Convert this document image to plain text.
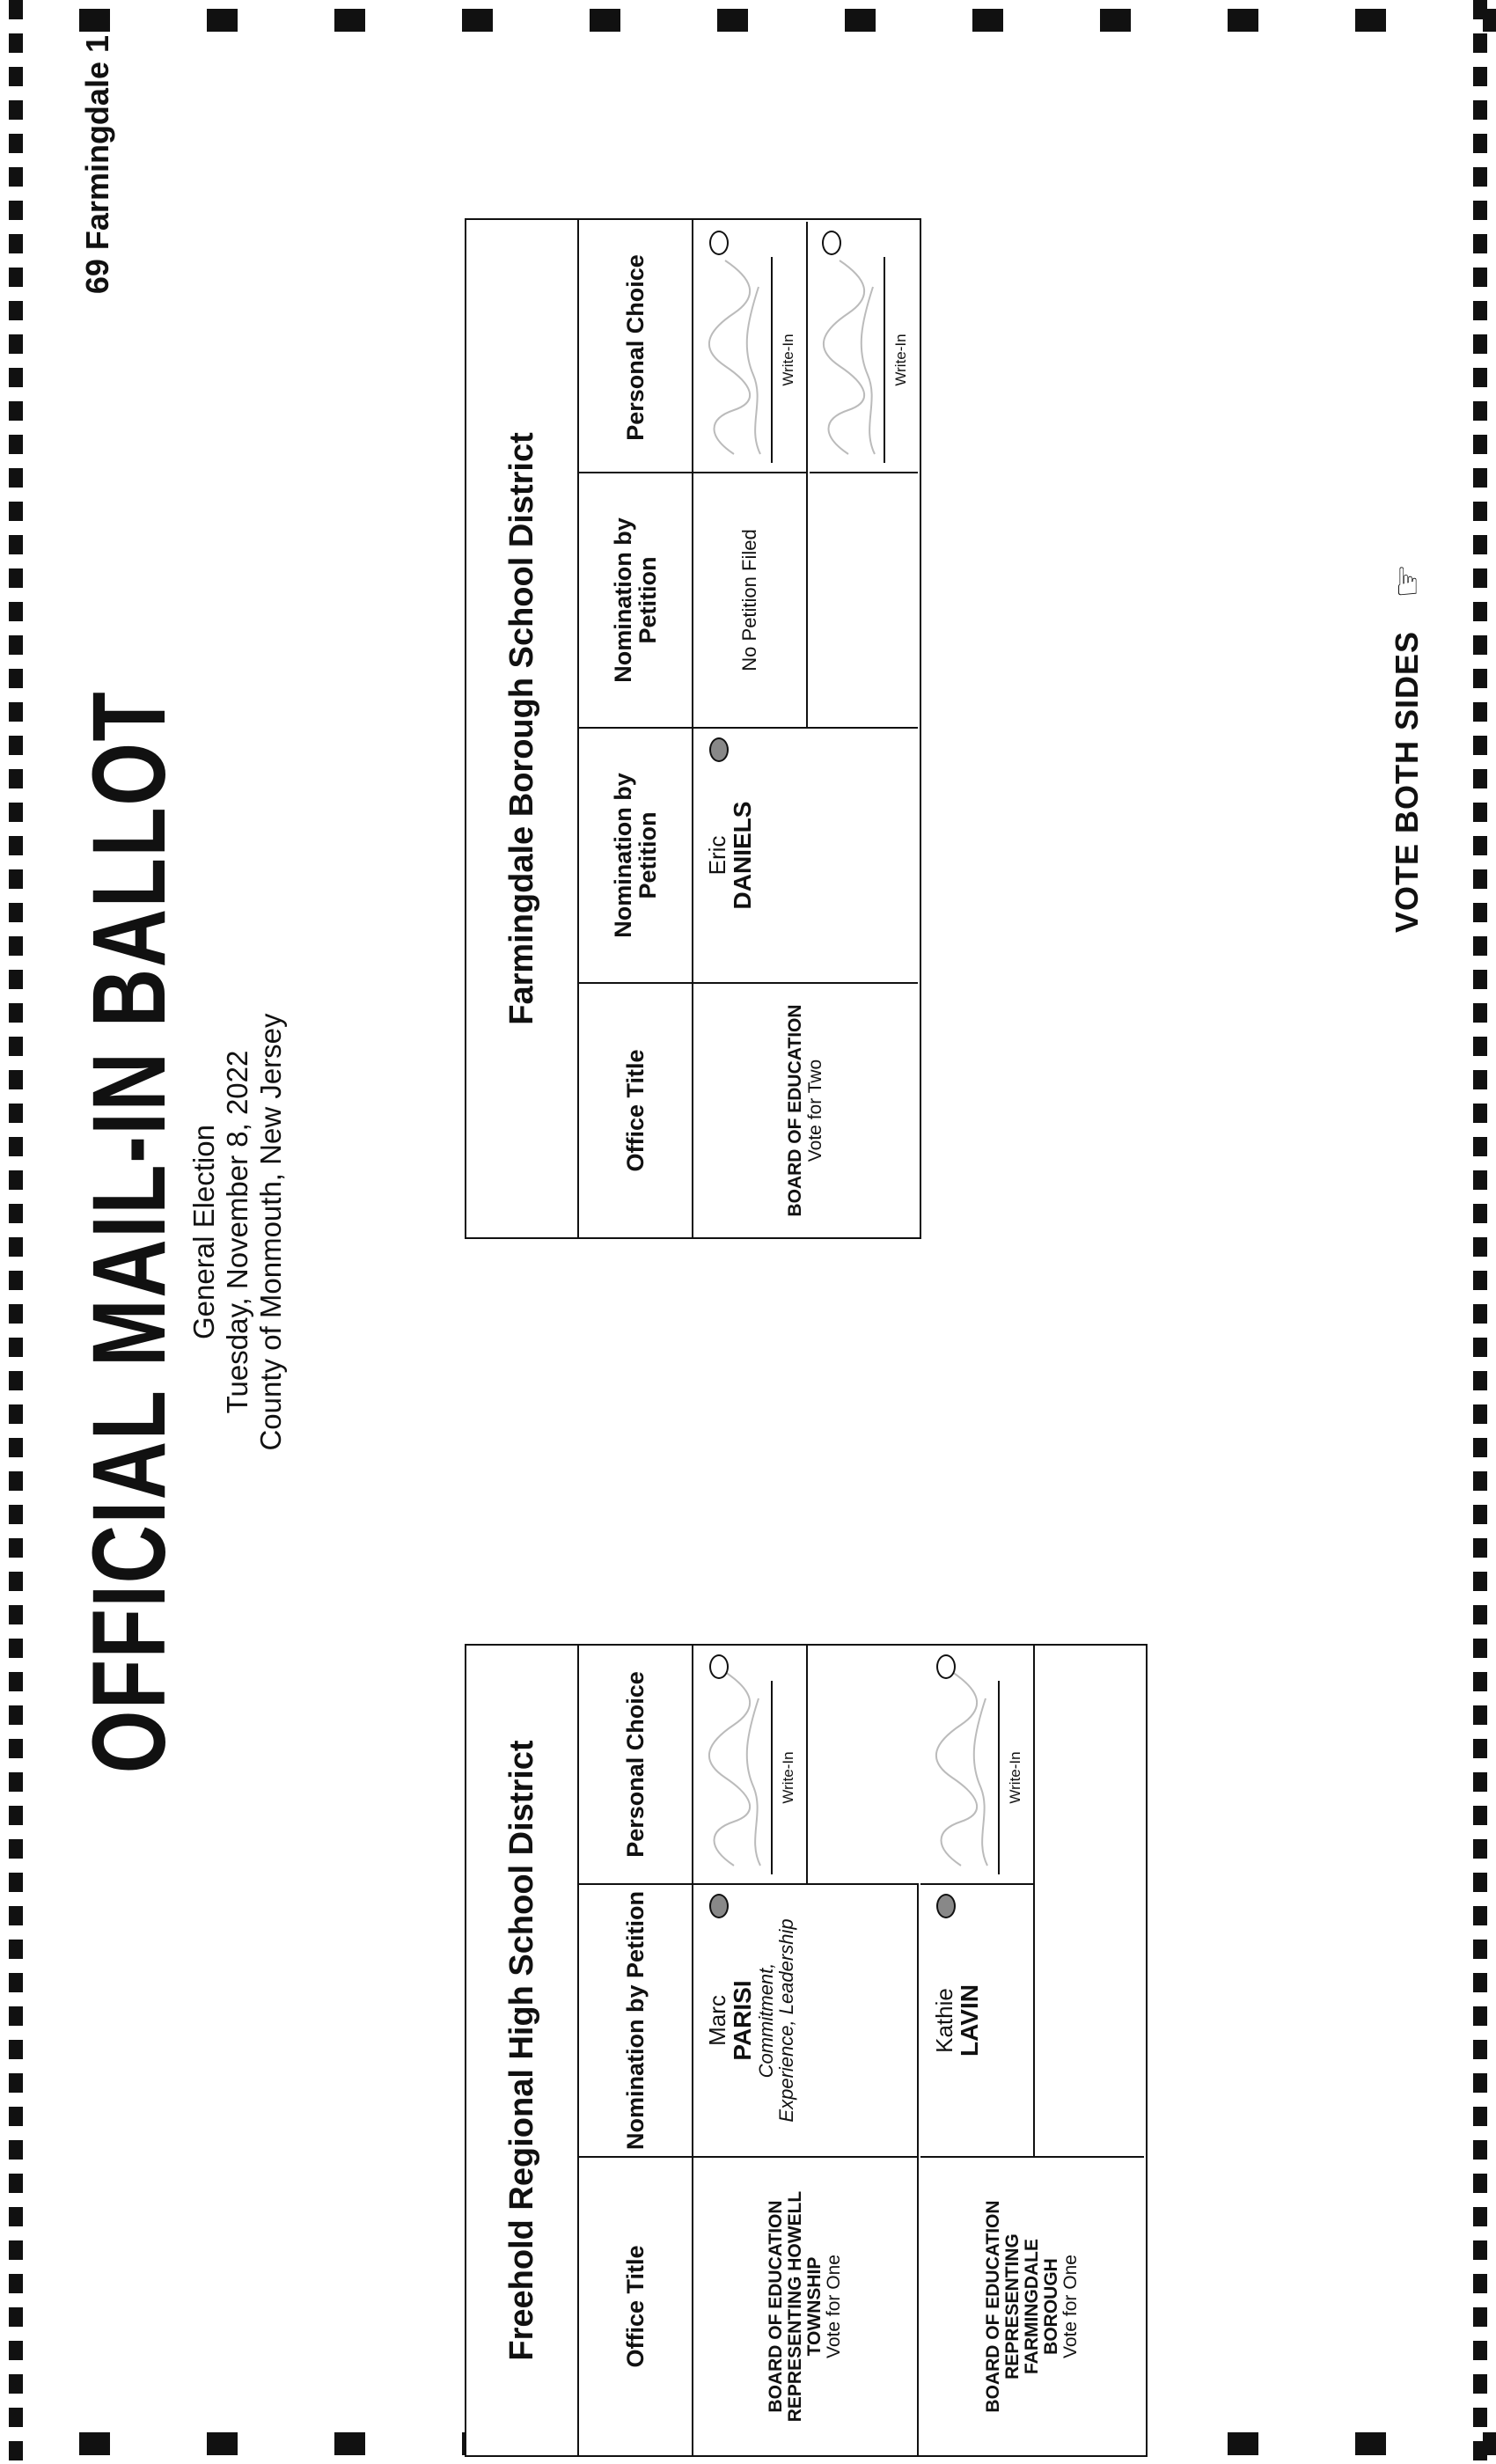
OFFICIAL MAIL-IN BALLOT General Election Tuesday, November 8, 2022 County of Monmouth, New Jersey
69 Farmingdale 1
VOTE BOTH SIDES
☞
Freehold Regional High School District	Office Title
Nomination by Petition
Personal Choice
BOARD OF EDUCATION REPRESENTING HOWELL TOWNSHIP Vote for One
Marc
PARISI
Commitment,
Experience, Leadership
Write-In
BOARD OF EDUCATION REPRESENTING FARMINGDALE BOROUGH Vote for One
Kathie
LAVIN
Write-In
Farmingdale Borough School District
Office Title
Nomination by Petition
Nomination by Petition
Personal Choice
BOARD OF EDUCATION Vote for Two
Eric
DANIELS
No Petition Filed
Write-In	Write-In
